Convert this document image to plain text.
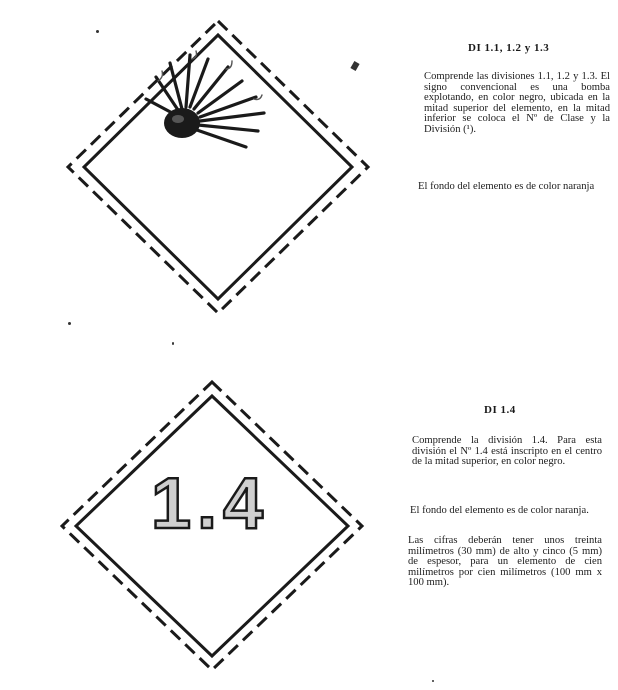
1.4
DI 1.1, 1.2 y 1.3

Comprende las divisiones 1.1, 1.2 y 1.3. El signo convencional es una bomba explotando, en color negro, ubicada en la mitad superior del elemento, en la mitad inferior se coloca el Nº de Clase y la División (¹).

El fondo del elemento es de color naranja

DI 1.4

Comprende la división 1.4. Para esta división el Nº 1.4 está inscripto en el centro de la mitad superior, en color negro.

El fondo del elemento es de color naranja.

Las cifras deberán tener unos treinta milímetros (30 mm) de alto y cinco (5 mm) de espesor, para un elemento de cien milímetros por cien milímetros (100 mm x 100 mm).
